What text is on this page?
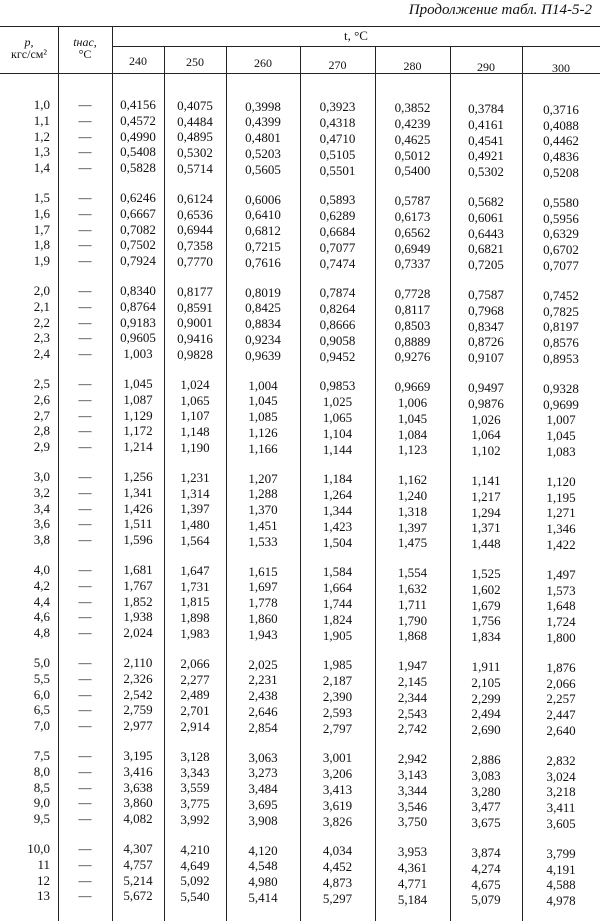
Продолжение табл. П14-5-2
p,
кгс/см²
tнас,
°C
t, °C
240	250	260	270	280	290	300
1,0	—	0,4156	0,4075	0,3998	0,3923	0,3852	0,3784	0,3716
1,1	—	0,4572	0,4484	0,4399	0,4318	0,4239	0,4161	0,4088
1,2	—	0,4990	0,4895	0,4801	0,4710	0,4625	0,4541	0,4462
1,3	—	0,5408	0,5302	0,5203	0,5105	0,5012	0,4921	0,4836
1,4	—	0,5828	0,5714	0,5605	0,5501	0,5400	0,5302	0,5208
1,5	—	0,6246	0,6124	0,6006	0,5893	0,5787	0,5682	0,5580
1,6	—	0,6667	0,6536	0,6410	0,6289	0,6173	0,6061	0,5956
1,7	—	0,7082	0,6944	0,6812	0,6684	0,6562	0,6443	0,6329
1,8	—	0,7502	0,7358	0,7215	0,7077	0,6949	0,6821	0,6702
1,9	—	0,7924	0,7770	0,7616	0,7474	0,7337	0,7205	0,7077
2,0	—	0,8340	0,8177	0,8019	0,7874	0,7728	0,7587	0,7452
2,1	—	0,8764	0,8591	0,8425	0,8264	0,8117	0,7968	0,7825
2,2	—	0,9183	0,9001	0,8834	0,8666	0,8503	0,8347	0,8197
2,3	—	0,9605	0,9416	0,9234	0,9058	0,8889	0,8726	0,8576
2,4	—	1,003	0,9828	0,9639	0,9452	0,9276	0,9107	0,8953
2,5	—	1,045	1,024	1,004	0,9853	0,9669	0,9497	0,9328
2,6	—	1,087	1,065	1,045	1,025	1,006	0,9876	0,9699
2,7	—	1,129	1,107	1,085	1,065	1,045	1,026	1,007
2,8	—	1,172	1,148	1,126	1,104	1,084	1,064	1,045
2,9	—	1,214	1,190	1,166	1,144	1,123	1,102	1,083
3,0	—	1,256	1,231	1,207	1,184	1,162	1,141	1,120
3,2	—	1,341	1,314	1,288	1,264	1,240	1,217	1,195
3,4	—	1,426	1,397	1,370	1,344	1,318	1,294	1,271
3,6	—	1,511	1,480	1,451	1,423	1,397	1,371	1,346
3,8	—	1,596	1,564	1,533	1,504	1,475	1,448	1,422
4,0	—	1,681	1,647	1,615	1,584	1,554	1,525	1,497
4,2	—	1,767	1,731	1,697	1,664	1,632	1,602	1,573
4,4	—	1,852	1,815	1,778	1,744	1,711	1,679	1,648
4,6	—	1,938	1,898	1,860	1,824	1,790	1,756	1,724
4,8	—	2,024	1,983	1,943	1,905	1,868	1,834	1,800
5,0	—	2,110	2,066	2,025	1,985	1,947	1,911	1,876
5,5	—	2,326	2,277	2,231	2,187	2,145	2,105	2,066
6,0	—	2,542	2,489	2,438	2,390	2,344	2,299	2,257
6,5	—	2,759	2,701	2,646	2,593	2,543	2,494	2,447
7,0	—	2,977	2,914	2,854	2,797	2,742	2,690	2,640
7,5	—	3,195	3,128	3,063	3,001	2,942	2,886	2,832
8,0	—	3,416	3,343	3,273	3,206	3,143	3,083	3,024
8,5	—	3,638	3,559	3,484	3,413	3,344	3,280	3,218
9,0	—	3,860	3,775	3,695	3,619	3,546	3,477	3,411
9,5	—	4,082	3,992	3,908	3,826	3,750	3,675	3,605
10,0	—	4,307	4,210	4,120	4,034	3,953	3,874	3,799
11	—	4,757	4,649	4,548	4,452	4,361	4,274	4,191
12	—	5,214	5,092	4,980	4,873	4,771	4,675	4,588
13	—	5,672	5,540	5,414	5,297	5,184	5,079	4,978
